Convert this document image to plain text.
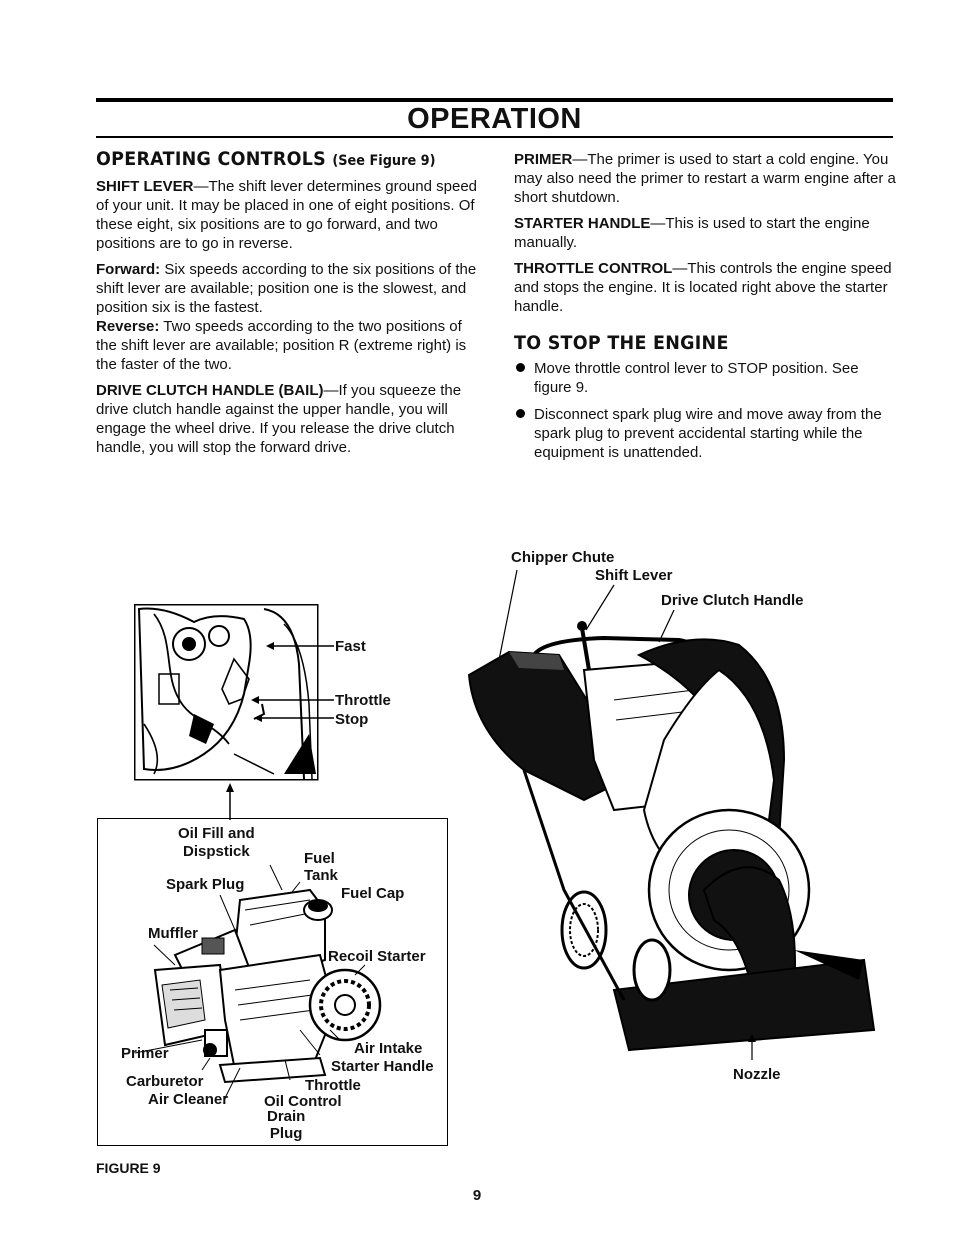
OPERATION
OPERATING CONTROLS (See Figure 9)

SHIFT LEVER—The shift lever determines ground speed of your unit. It may be placed in one of eight positions. Of these eight, six positions are to go forward, and two positions are to go in reverse.

Forward: Six speeds according to the six positions of the shift lever are available; position one is the slowest, and position six is the fastest.

Reverse: Two speeds according to the two positions of the shift lever are available; position R (extreme right) is the faster of the two.

DRIVE CLUTCH HANDLE (BAIL)—If you squeeze the drive clutch handle against the upper handle, you will engage the wheel drive. If you release the drive clutch handle, you will stop the forward drive.

PRIMER—The primer is used to start a cold engine. You may also need the primer to restart a warm engine after a short shutdown.

STARTER HANDLE—This is used to start the engine manually.

THROTTLE CONTROL—This controls the engine speed and stops the engine. It is located right above the starter handle.

TO STOP THE ENGINE
Move throttle control lever to STOP position. See figure 9.
Disconnect spark plug wire and move away from the spark plug to prevent accidental starting while the equipment is unattended.
Fast
Throttle
Stop
Oil Fill and
Dispstick	Fuel
Tank
Spark Plug
Fuel Cap
Muffler
Recoil Starter
Primer	Air Intake
Starter Handle
Carburetor	Throttle
Air Cleaner Oil Control
Drain
Plug
Chipper Chute
Shift Lever
Drive Clutch Handle
Nozzle
FIGURE 9
9
